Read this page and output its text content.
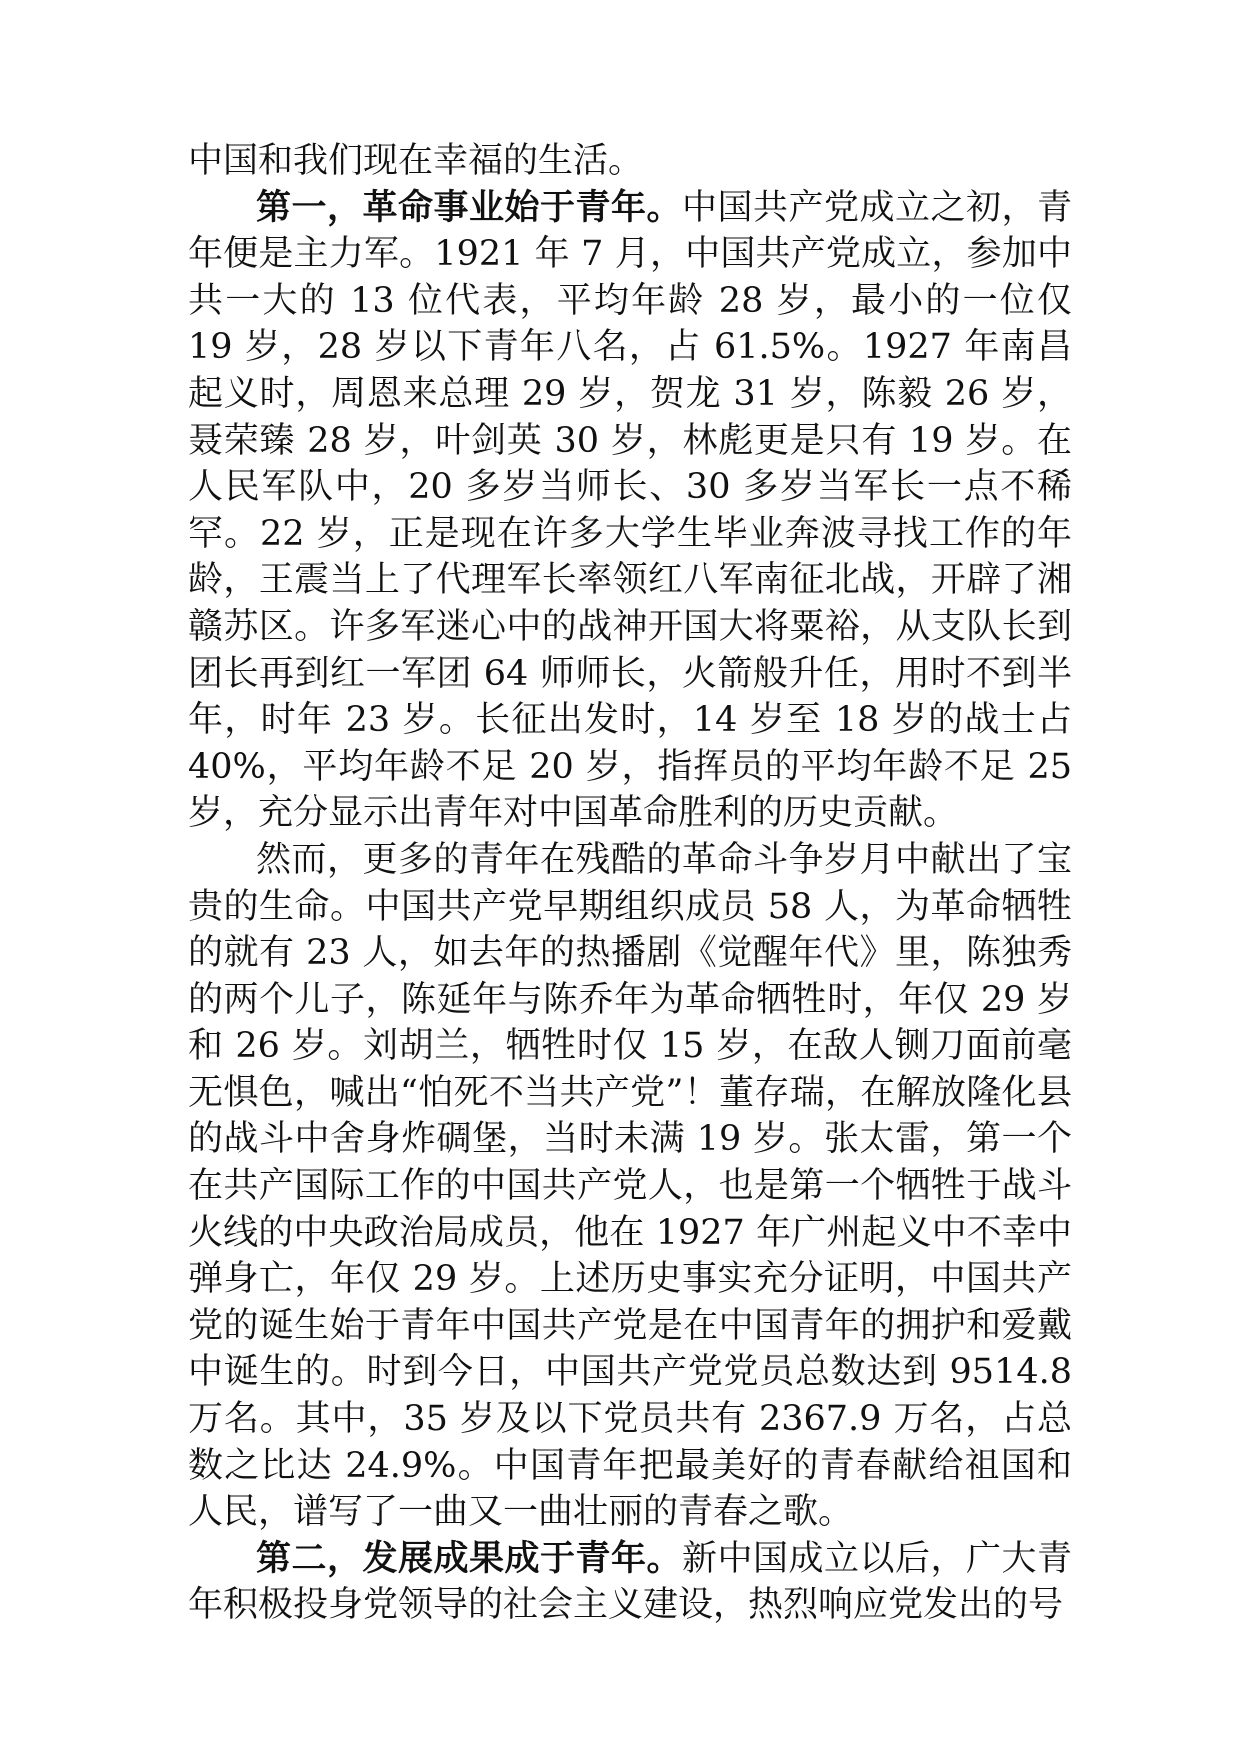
中国和我们现在幸福的生活。

第一，革命事业始于青年。中国共产党成立之初，青年便是主力军。1921 年 7 月，中国共产党成立，参加中共一大的 13 位代表，平均年龄 28 岁，最小的一位仅 19 岁，28 岁以下青年八名，占 61.5%。1927 年南昌起义时，周恩来总理 29 岁，贺龙 31 岁，陈毅 26 岁，聂荣臻 28 岁，叶剑英 30 岁，林彪更是只有 19 岁。在人民军队中，20 多岁当师长、30 多岁当军长一点不稀罕。22 岁，正是现在许多大学生毕业奔波寻找工作的年龄，王震当上了代理军长率领红八军南征北战，开辟了湘赣苏区。许多军迷心中的战神开国大将粟裕，从支队长到团长再到红一军团 64 师师长，火箭般升任，用时不到半年，时年 23 岁。长征出发时，14 岁至 18 岁的战士占 40%，平均年龄不足 20 岁，指挥员的平均年龄不足 25 岁，充分显示出青年对中国革命胜利的历史贡献。

然而，更多的青年在残酷的革命斗争岁月中献出了宝贵的生命。中国共产党早期组织成员 58 人，为革命牺牲的就有 23 人，如去年的热播剧《觉醒年代》里，陈独秀的两个儿子，陈延年与陈乔年为革命牺牲时，年仅 29 岁和 26 岁。刘胡兰，牺牲时仅 15 岁，在敌人铡刀面前毫无惧色，喊出“怕死不当共产党”！董存瑞，在解放隆化县的战斗中舍身炸碉堡，当时未满 19 岁。张太雷，第一个在共产国际工作的中国共产党人，也是第一个牺牲于战斗火线的中央政治局成员，他在 1927 年广州起义中不幸中弹身亡，年仅 29 岁。上述历史事实充分证明，中国共产党的诞生始于青年中国共产党是在中国青年的拥护和爱戴中诞生的。时到今日，中国共产党党员总数达到 9514.8 万名。其中，35 岁及以下党员共有 2367.9 万名，占总数之比达 24.9%。中国青年把最美好的青春献给祖国和人民，谱写了一曲又一曲壮丽的青春之歌。

第二，发展成果成于青年。新中国成立以后，广大青年积极投身党领导的社会主义建设，热烈响应党发出的号
